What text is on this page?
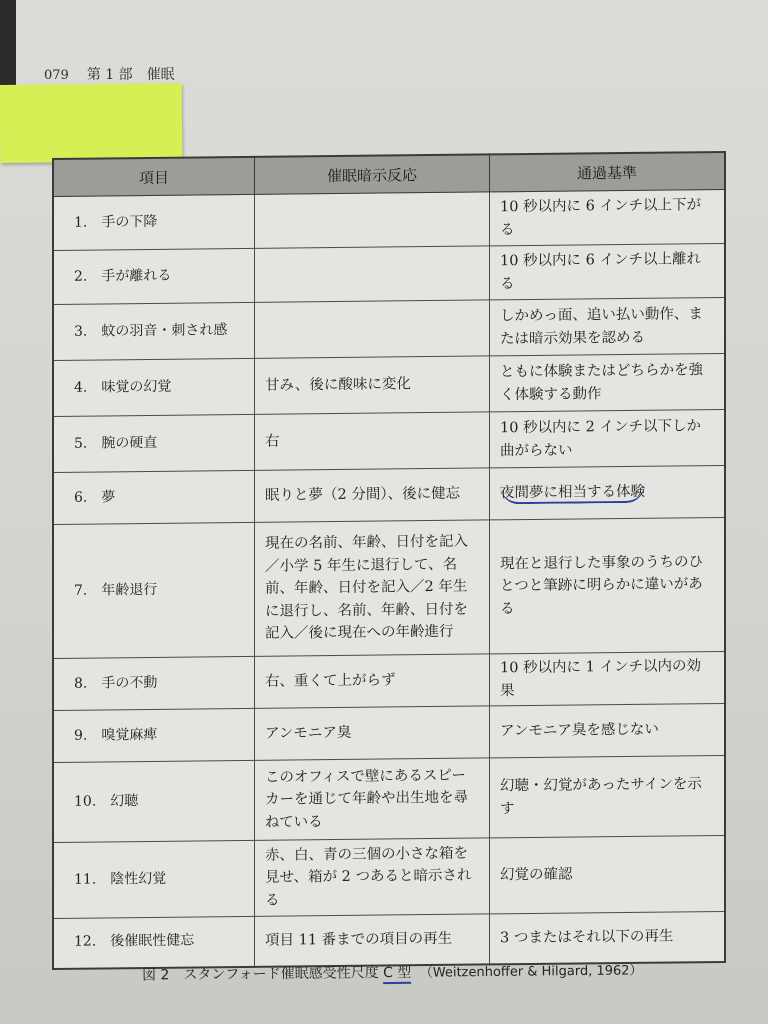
079 第 1 部　催眠
項目	催眠暗示反応	通過基準
1.　手の下降		10 秒以内に 6 インチ以上下がる
2.　手が離れる		10 秒以内に 6 インチ以上離れる
3.　蚊の羽音・刺され感		しかめっ面、追い払い動作、または暗示効果を認める
4.　味覚の幻覚	甘み、後に酸味に変化	ともに体験またはどちらかを強く体験する動作
5.　腕の硬直	右	10 秒以内に 2 インチ以下しか曲がらない
6.　夢	眠りと夢（2 分間）、後に健忘	夜間夢に相当する体験
7.　年齢退行	現在の名前、年齢、日付を記入／小学 5 年生に退行して、名前、年齢、日付を記入／2 年生に退行し、名前、年齢、日付を記入／後に現在への年齢進行	現在と退行した事象のうちのひとつと筆跡に明らかに違いがある
8.　手の不動	右、重くて上がらず	10 秒以内に 1 インチ以内の効果
9.　嗅覚麻痺	アンモニア臭	アンモニア臭を感じない
10.　幻聴	このオフィスで壁にあるスピーカーを通じて年齢や出生地を尋ねている	幻聴・幻覚があったサインを示す
11.　陰性幻覚	赤、白、青の三個の小さな箱を見せ、箱が 2 つあると暗示される	幻覚の確認
12.　後催眠性健忘	項目 11 番までの項目の再生	3 つまたはそれ以下の再生
図 2　スタンフォード催眠感受性尺度 C 型 （Weitzenhoffer & Hilgard, 1962）
